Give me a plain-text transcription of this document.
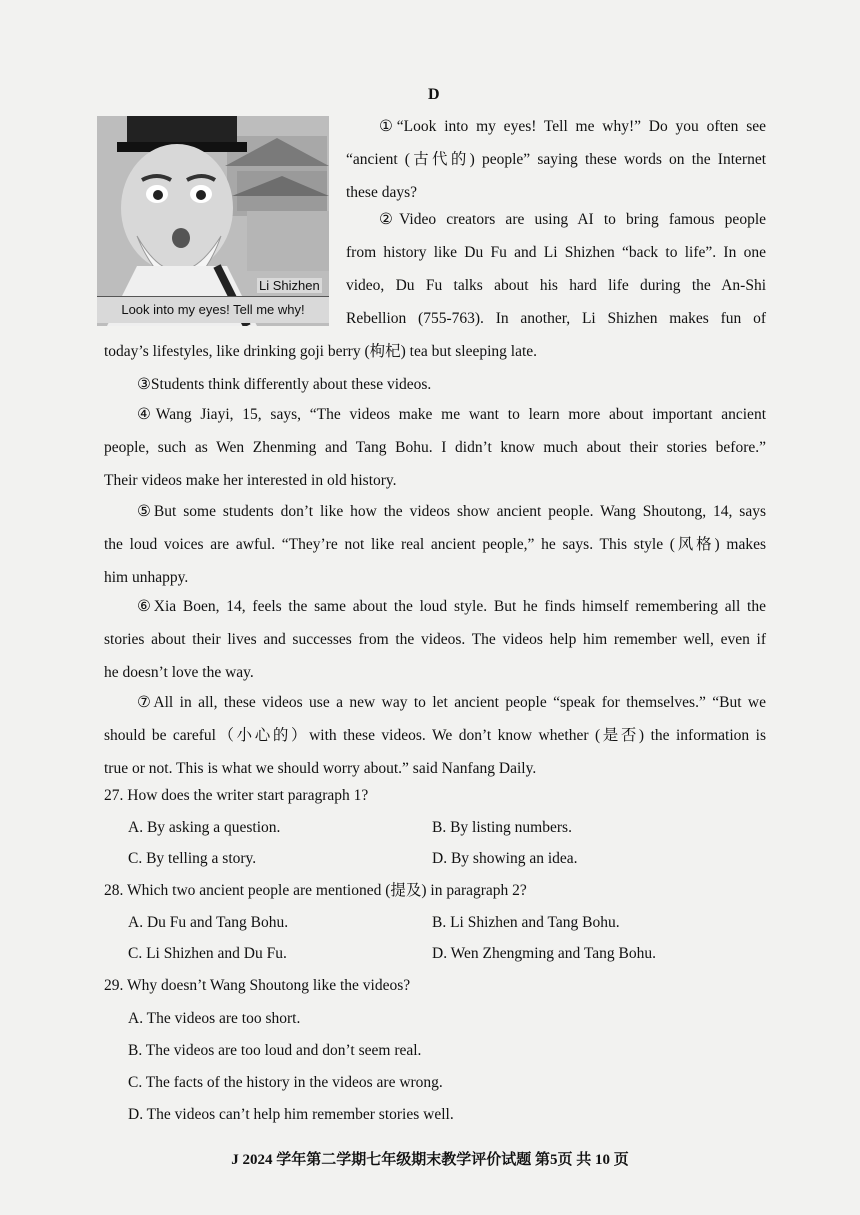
D
Li Shizhen
Look into my eyes! Tell me why!
①“Look into my eyes! Tell me why!” Do you often see
“ancient (古代的) people” saying these words on the Internet
these days?
②Video creators are using AI to bring famous people
from history like Du Fu and Li Shizhen “back to life”. In one
video, Du Fu talks about his hard life during the An-Shi
Rebellion (755-763). In another, Li Shizhen makes fun of
today’s lifestyles, like drinking goji berry (枸杞) tea but sleeping late.
③Students think differently about these videos.
④Wang Jiayi, 15, says, “The videos make me want to learn more about important ancient
people, such as Wen Zhenming and Tang Bohu. I didn’t know much about their stories before.”
Their videos make her interested in old history.
⑤But some students don’t like how the videos show ancient people. Wang Shoutong, 14, says
the loud voices are awful. “They’re not like real ancient people,” he says. This style (风格) makes
him unhappy.
⑥Xia Boen, 14, feels the same about the loud style. But he finds himself remembering all the
stories about their lives and successes from the videos. The videos help him remember well, even if
he doesn’t love the way.
⑦All in all, these videos use a new way to let ancient people “speak for themselves.” “But we
should be careful（小心的）with these videos. We don’t know whether (是否) the information is
true or not. This is what we should worry about.” said Nanfang Daily.
27. How does the writer start paragraph 1?
A. By asking a question.	B. By listing numbers.
C. By telling a story.	D. By showing an idea.
28. Which two ancient people are mentioned (提及) in paragraph 2?
A. Du Fu and Tang Bohu.	B. Li Shizhen and Tang Bohu.
C. Li Shizhen and Du Fu.	D. Wen Zhengming and Tang Bohu.
29. Why doesn’t Wang Shoutong like the videos?
A. The videos are too short.
B. The videos are too loud and don’t seem real.
C. The facts of the history in the videos are wrong.
D. The videos can’t help him remember stories well.
J 2024 学年第二学期七年级期末教学评价试题 第5页 共 10 页
